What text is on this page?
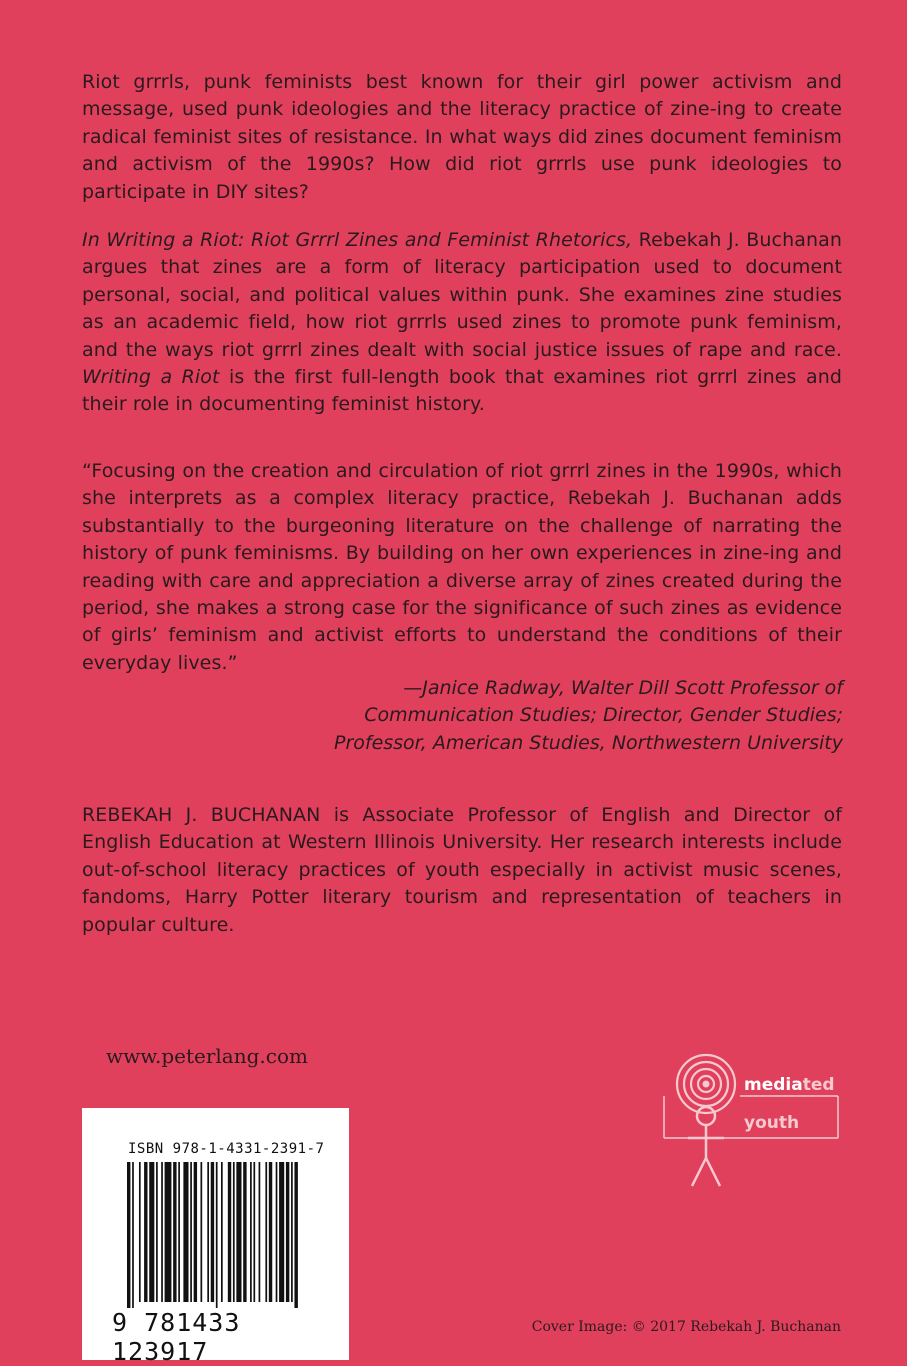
Riot grrrls, punk feminists best known for their girl power activism and message, used punk ideologies and the literacy practice of zine-ing to create radical feminist sites of resistance. In what ways did zines document feminism and activism of the 1990s? How did riot grrrls use punk ideologies to participate in DIY sites?

In Writing a Riot: Riot Grrrl Zines and Feminist Rhetorics, Rebekah J. Buchanan argues that zines are a form of literacy participation used to document personal, social, and political values within punk. She examines zine studies as an academic field, how riot grrrls used zines to promote punk feminism, and the ways riot grrrl zines dealt with social justice issues of rape and race. Writing a Riot is the first full-length book that examines riot grrrl zines and their role in documenting feminist history.

“Focusing on the creation and circulation of riot grrrl zines in the 1990s, which she interprets as a complex literacy practice, Rebekah J. Buchanan adds substantially to the burgeoning literature on the challenge of narrating the history of punk feminisms. By building on her own experiences in zine-ing and reading with care and appreciation a diverse array of zines created during the period, she makes a strong case for the significance of such zines as evidence of girls’ feminism and activist efforts to understand the conditions of their everyday lives.”

—Janice Radway, Walter Dill Scott Professor of
Communication Studies; Director, Gender Studies;
Professor, American Studies, Northwestern University

REBEKAH J. BUCHANAN is Associate Professor of English and Director of English Education at Western Illinois University. Her research interests include out-of-school literacy practices of youth especially in activist music scenes, fandoms, Harry Potter literary tourism and representation of teachers in popular culture.

www.peterlang.com
ISBN 978-1-4331-2391-7
9 781433 123917
mediated
youth
Cover Image: © 2017 Rebekah J. Buchanan
